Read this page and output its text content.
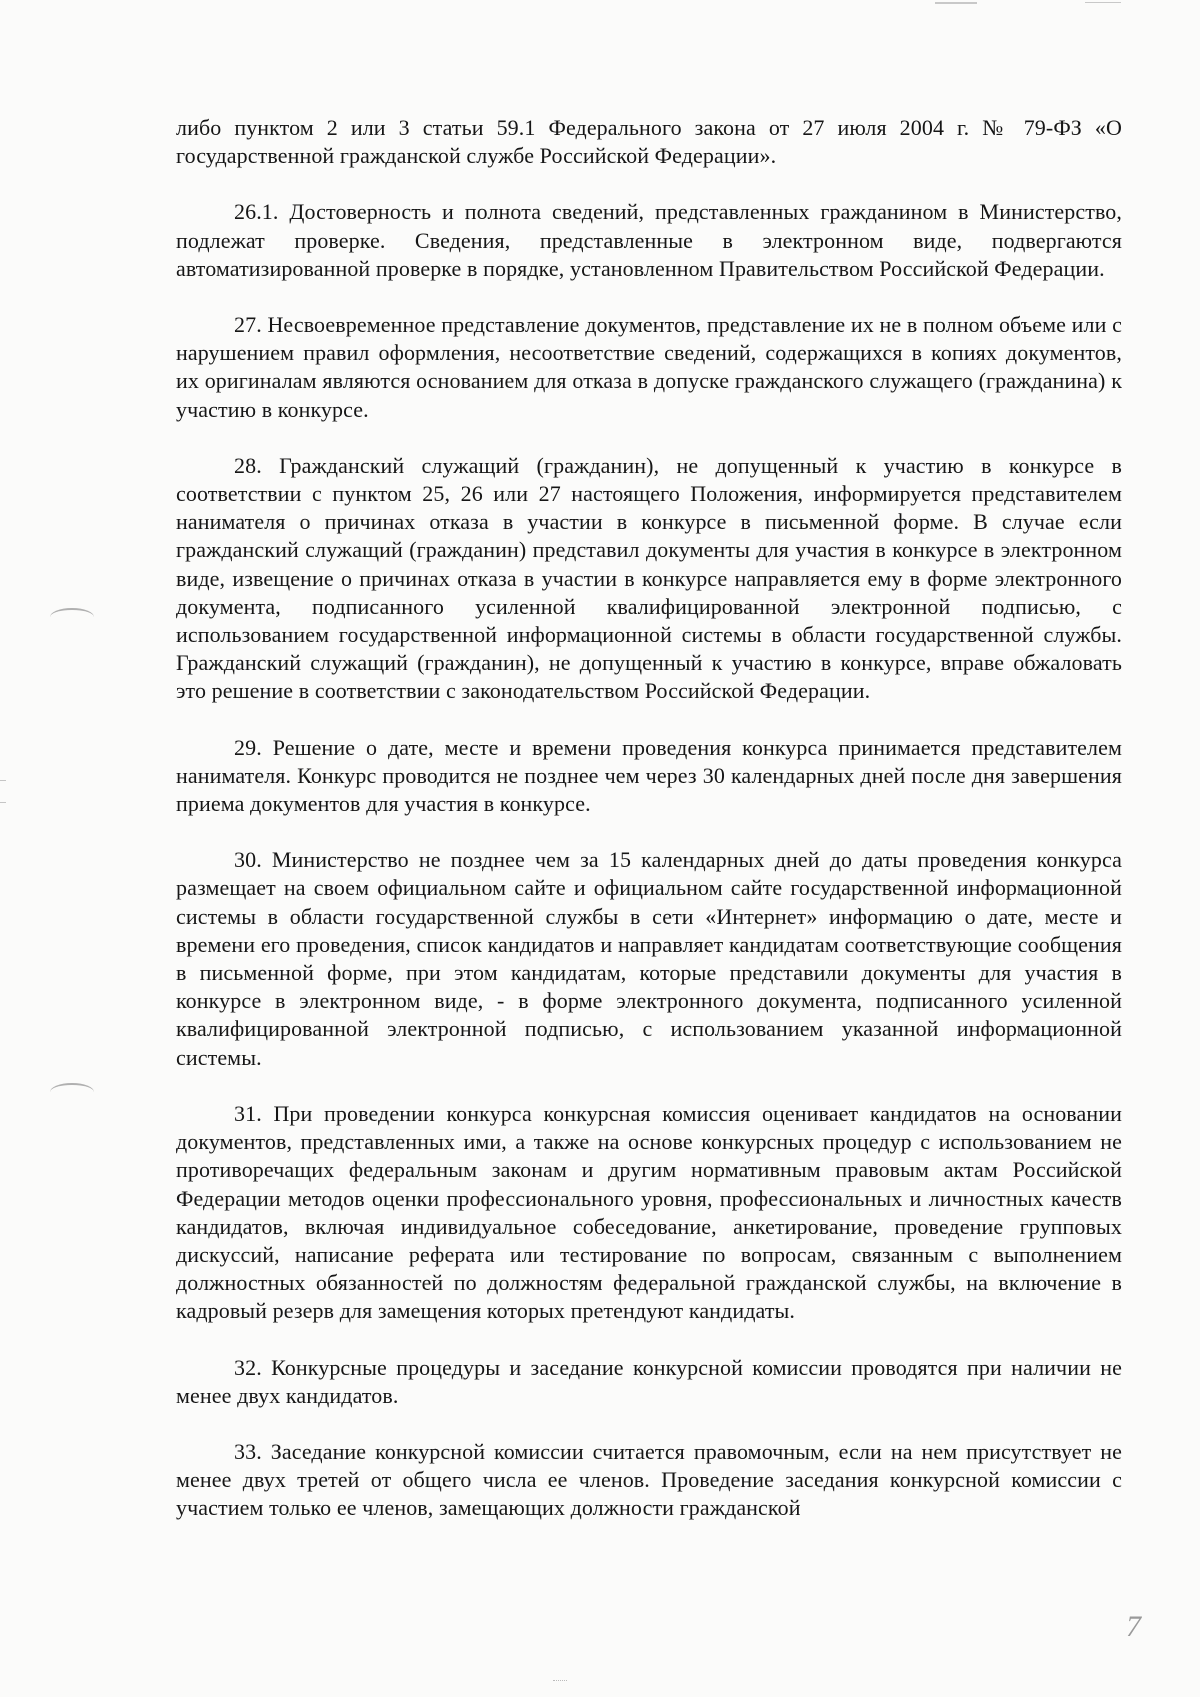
либо пунктом 2 или 3 статьи 59.1 Федерального закона от 27 июля 2004 г. № 79-ФЗ «О государственной гражданской службе Российской Федерации».

26.1. Достоверность и полнота сведений, представленных гражданином в Министерство, подлежат проверке. Сведения, представленные в электронном виде, подвергаются автоматизированной проверке в порядке, установленном Правительством Российской Федерации.

27. Несвоевременное представление документов, представление их не в полном объеме или с нарушением правил оформления, несоответствие сведений, содержащихся в копиях документов, их оригиналам являются основанием для отказа в допуске гражданского служащего (гражданина) к участию в конкурсе.

28. Гражданский служащий (гражданин), не допущенный к участию в конкурсе в соответствии с пунктом 25, 26 или 27 настоящего Положения, информируется представителем нанимателя о причинах отказа в участии в конкурсе в письменной форме. В случае если гражданский служащий (гражданин) представил документы для участия в конкурсе в электронном виде, извещение о причинах отказа в участии в конкурсе направляется ему в форме электронного документа, подписанного усиленной квалифицированной электронной подписью, с использованием государственной информационной системы в области государственной службы. Гражданский служащий (гражданин), не допущенный к участию в конкурсе, вправе обжаловать это решение в соответствии с законодательством Российской Федерации.

29. Решение о дате, месте и времени проведения конкурса принимается представителем нанимателя. Конкурс проводится не позднее чем через 30 календарных дней после дня завершения приема документов для участия в конкурсе.

30. Министерство не позднее чем за 15 календарных дней до даты проведения конкурса размещает на своем официальном сайте и официальном сайте государственной информационной системы в области государственной службы в сети «Интернет» информацию о дате, месте и времени его проведения, список кандидатов и направляет кандидатам соответствующие сообщения в письменной форме, при этом кандидатам, которые представили документы для участия в конкурсе в электронном виде, - в форме электронного документа, подписанного усиленной квалифицированной электронной подписью, с использованием указанной информационной системы.

31. При проведении конкурса конкурсная комиссия оценивает кандидатов на основании документов, представленных ими, а также на основе конкурсных процедур с использованием не противоречащих федеральным законам и другим нормативным правовым актам Российской Федерации методов оценки профессионального уровня, профессиональных и личностных качеств кандидатов, включая индивидуальное собеседование, анкетирование, проведение групповых дискуссий, написание реферата или тестирование по вопросам, связанным с выполнением должностных обязанностей по должностям федеральной гражданской службы, на включение в кадровый резерв для замещения которых претендуют кандидаты.

32. Конкурсные процедуры и заседание конкурсной комиссии проводятся при наличии не менее двух кандидатов.

33. Заседание конкурсной комиссии считается правомочным, если на нем присутствует не менее двух третей от общего числа ее членов. Проведение заседания конкурсной комиссии с участием только ее членов, замещающих должности гражданской

7
